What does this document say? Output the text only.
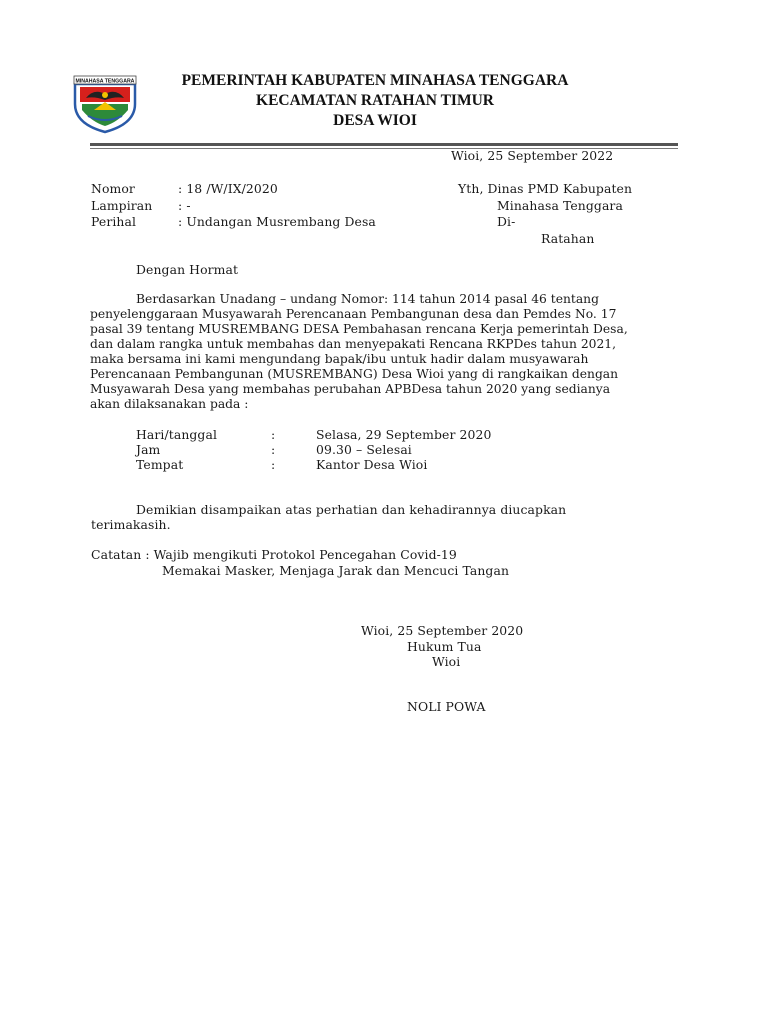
MINAHASA TENGGARA	PEMERINTAH KABUPATEN MINAHASA TENGGARA
KECAMATAN RATAHAN TIMUR
DESA WIOI
Wioi, 25 September 2022
Nomor	: 18 /W/IX/2020
Lampiran : -
Perihal	: Undangan Musrembang Desa
Yth, Dinas PMD Kabupaten
Minahasa Tenggara
Di-
Ratahan
Dengan Hormat
Berdasarkan Unadang – undang Nomor: 114 tahun 2014 pasal 46 tentang
penyelenggaraan Musyawarah Perencanaan Pembangunan desa dan Pemdes No. 17
pasal 39 tentang MUSREMBANG DESA Pembahasan rencana Kerja pemerintah Desa,
dan dalam rangka untuk membahas dan menyepakati Rencana RKPDes tahun 2021,
maka bersama ini kami mengundang bapak/ibu untuk hadir dalam musyawarah
Perencanaan Pembangunan (MUSREMBANG) Desa Wioi yang di rangkaikan dengan
Musyawarah Desa yang membahas perubahan APBDesa tahun 2020 yang sedianya
akan dilaksanakan pada :
Hari/tanggal	:	Selasa, 29 September 2020
Jam	:	09.30 – Selesai
Tempat	:	Kantor Desa Wioi
Demikian disampaikan atas perhatian dan kehadirannya diucapkan
terimakasih.
Catatan : Wajib mengikuti Protokol Pencegahan Covid-19
Memakai Masker, Menjaga Jarak dan Mencuci Tangan
Wioi, 25 September 2020
Hukum Tua
Wioi
NOLI POWA
